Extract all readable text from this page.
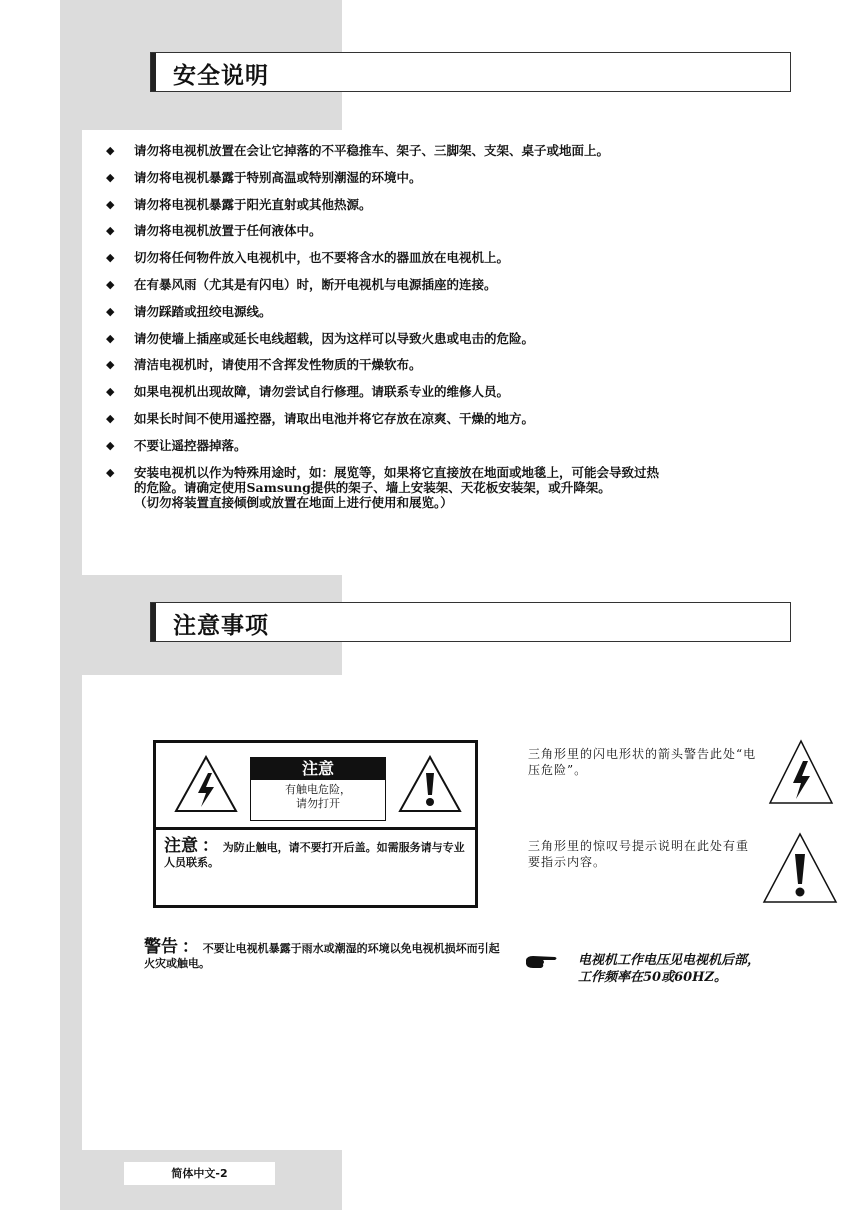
安全说明
注意事项
◆ 请勿将电视机放置在会让它掉落的不平稳推车、架子、三脚架、支架、桌子或地面上。
◆ 请勿将电视机暴露于特别高温或特别潮湿的环境中。
◆ 请勿将电视机暴露于阳光直射或其他热源。
◆ 请勿将电视机放置于任何液体中。
◆ 切勿将任何物件放入电视机中，也不要将含水的器皿放在电视机上。
◆ 在有暴风雨（尤其是有闪电）时，断开电视机与电源插座的连接。
◆ 请勿踩踏或扭绞电源线。
◆ 请勿使墙上插座或延长电线超载，因为这样可以导致火患或电击的危险。
◆ 清洁电视机时，请使用不含挥发性物质的干燥软布。
◆ 如果电视机出现故障，请勿尝试自行修理。请联系专业的维修人员。
◆ 如果长时间不使用遥控器，请取出电池并将它存放在凉爽、干燥的地方。
◆ 不要让遥控器掉落。
◆ 安装电视机以作为特殊用途时，如：展览等，如果将它直接放在地面或地毯上，可能会导致过热
的危险。请确定使用Samsung提供的架子、墙上安装架、天花板安装架，或升降架。
（切勿将装置直接倾倒或放置在地面上进行使用和展览。）
注意
有触电危险，
请勿打开
注意 ： 为防止触电，请不要打开后盖。如需服务请与专业人员联系。
警告 ： 不要让电视机暴露于雨水或潮湿的环境以免电视机损坏而引起火灾或触电。
三角形里的闪电形状的箭头警告此处“电压危险”。
三角形里的惊叹号提示说明在此处有重要指示内容。
电视机工作电压见电视机后部，
工作频率在50或60HZ。
简体中文-2
